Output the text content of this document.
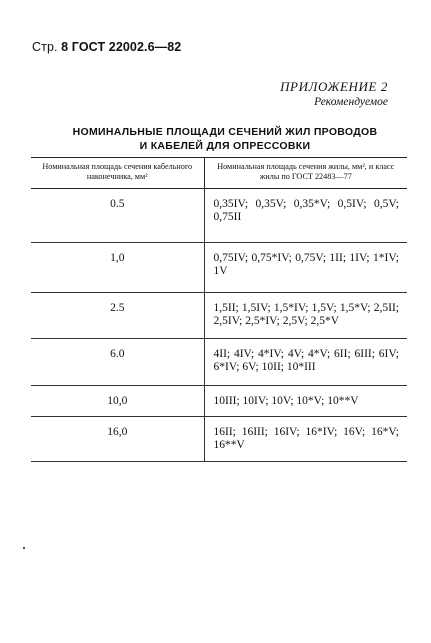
Стр. 8 ГОСТ 22002.6—82
ПРИЛОЖЕНИЕ 2
Рекомендуемое
НОМИНАЛЬНЫЕ ПЛОЩАДИ СЕЧЕНИЙ ЖИЛ ПРОВОДОВ
И КАБЕЛЕЙ ДЛЯ ОПРЕССОВКИ
Номинальная площадь сечения кабельного наконечника, мм²	Номинальная площадь сечения жилы, мм², и класс жилы по ГОСТ 22483—77
0.5	0,35IV; 0,35V; 0,35*V; 0,5IV; 0,5V; 0,75II
1,0	0,75IV; 0,75*IV; 0,75V; 1II; 1IV; 1*IV; 1V
2.5	1,5II; 1,5IV; 1,5*IV; 1,5V; 1,5*V; 2,5II; 2,5IV; 2,5*IV; 2,5V; 2,5*V
6.0	4II; 4IV; 4*IV; 4V; 4*V; 6II; 6III; 6IV; 6*IV; 6V; 10II; 10*III
10,0	10III; 10IV; 10V; 10*V; 10**V
16,0	16II; 16III; 16IV; 16*IV; 16V; 16*V; 16**V
